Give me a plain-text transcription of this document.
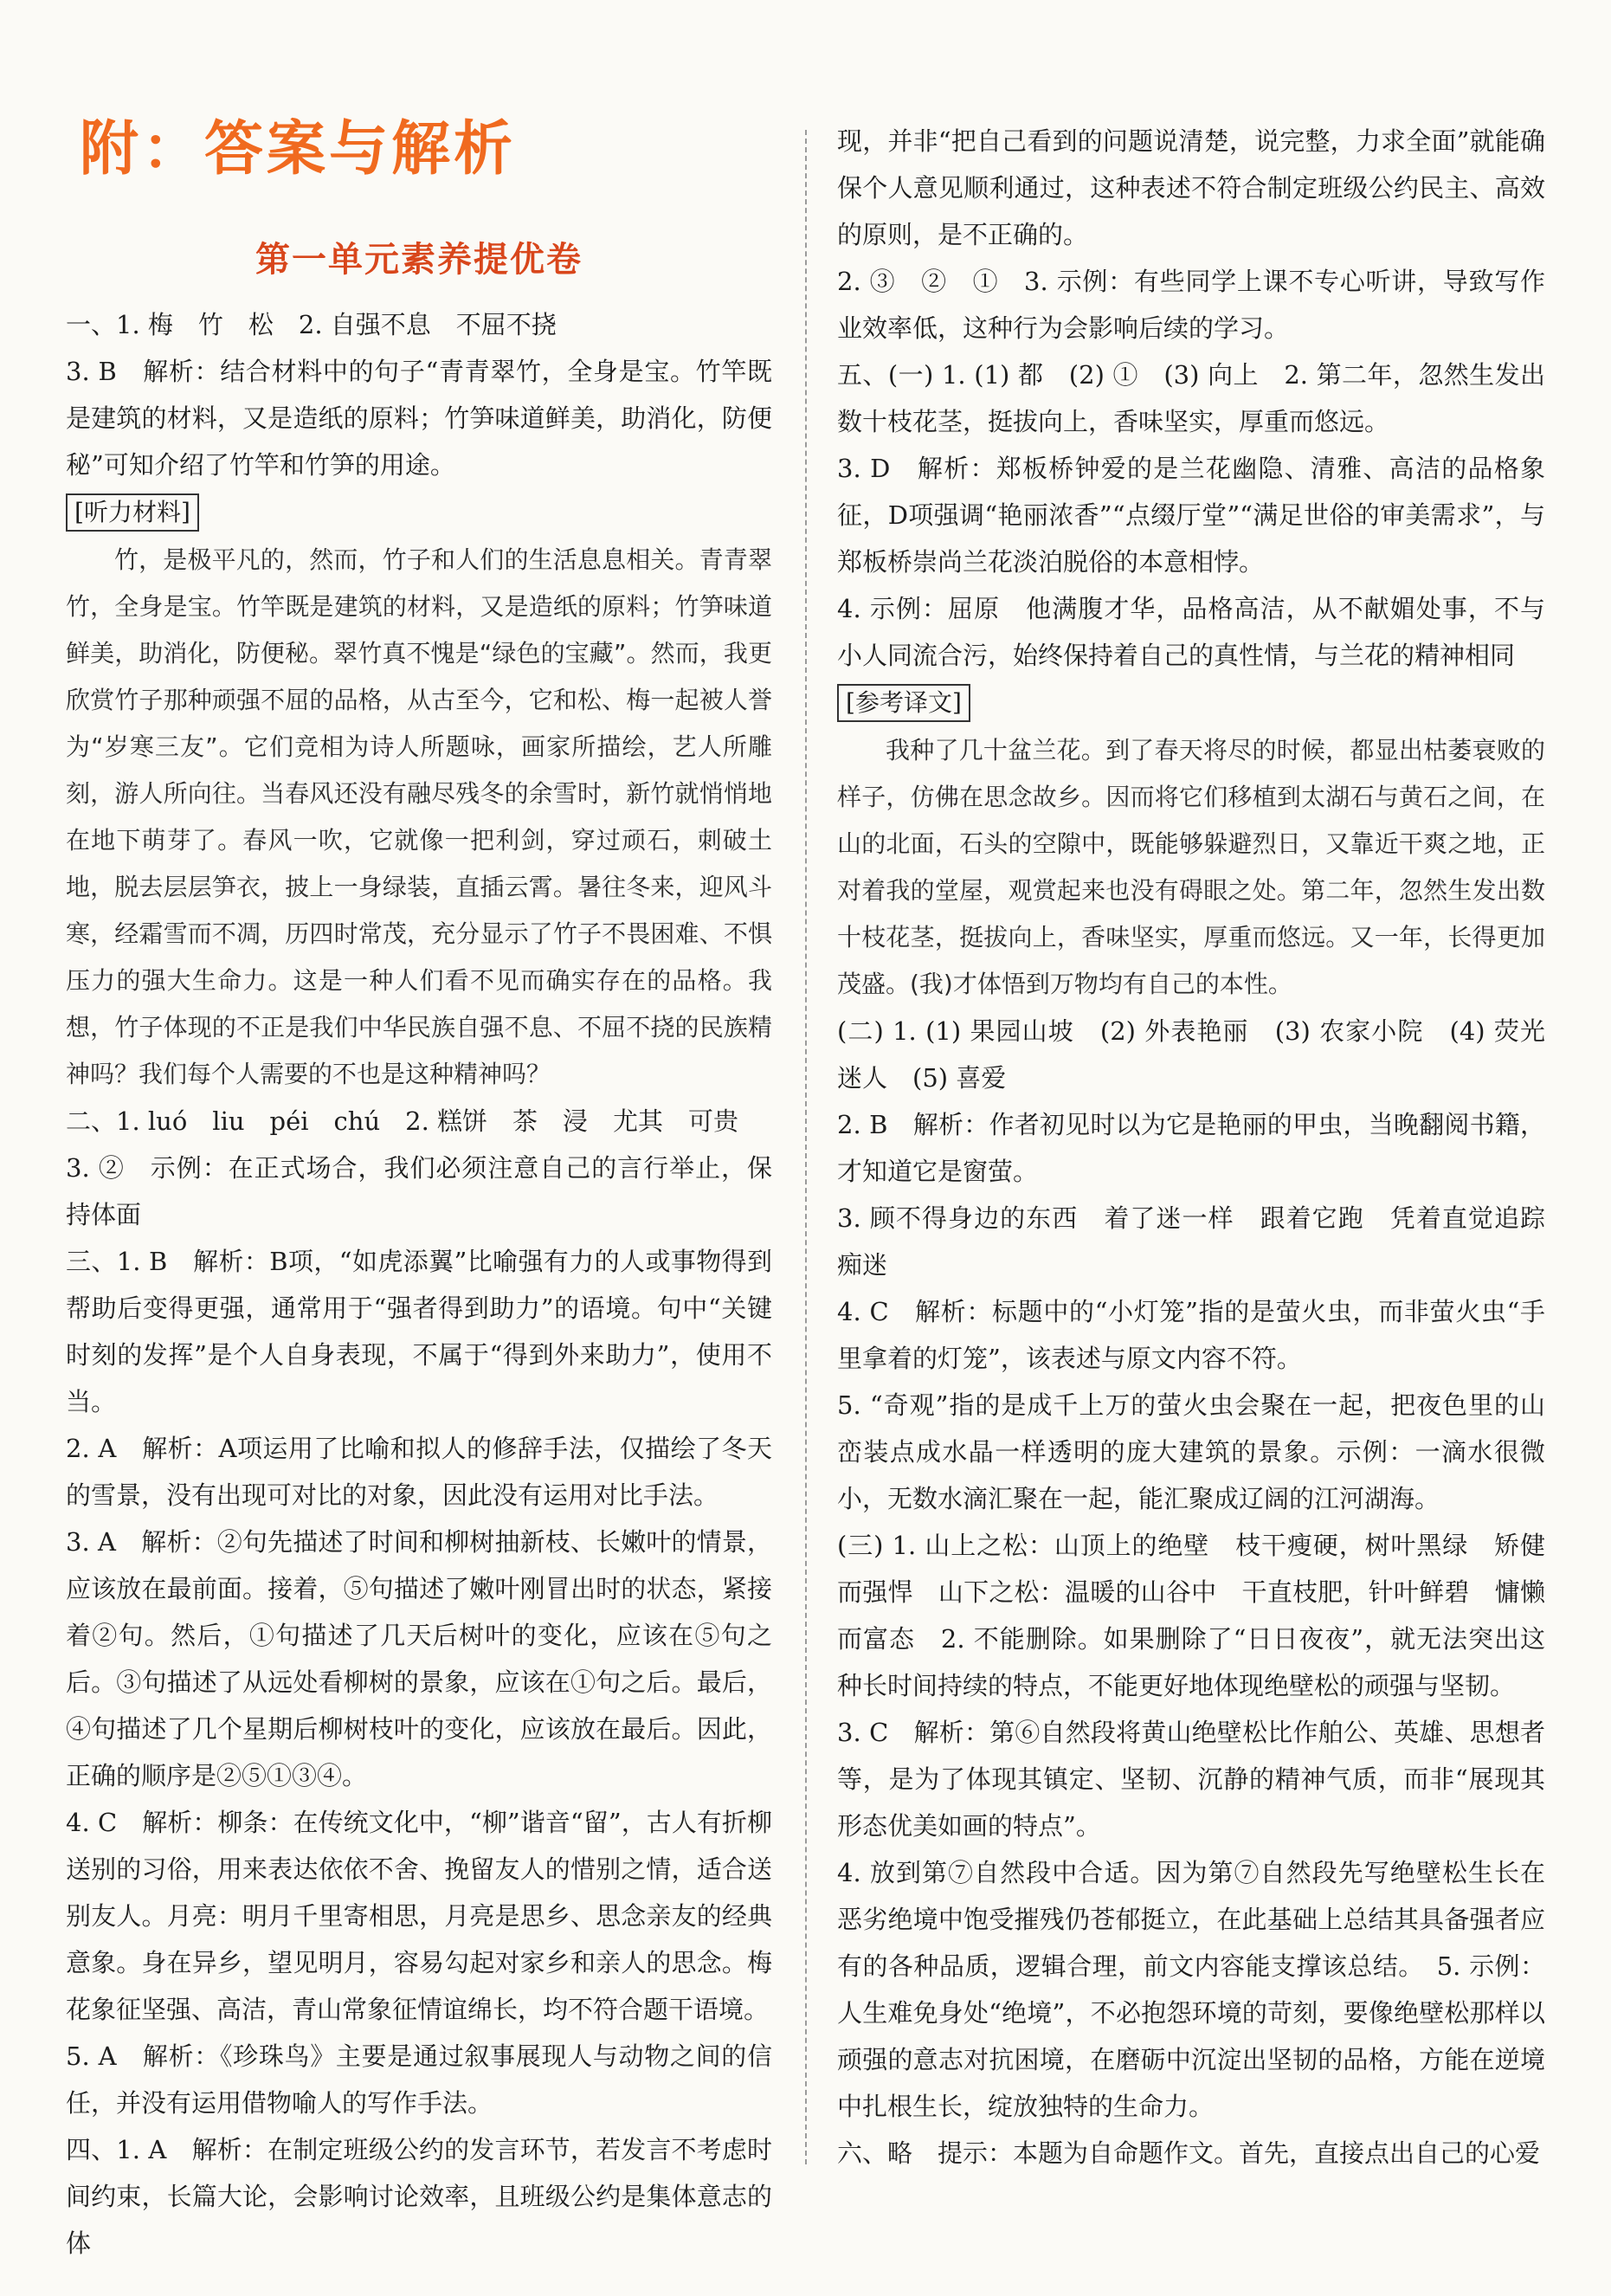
附：答案与解析
第一单元素养提优卷

一、1. 梅　竹　松　2. 自强不息　不屈不挠

3. B　解析：结合材料中的句子“青青翠竹，全身是宝。竹竿既是建筑的材料，又是造纸的原料；竹笋味道鲜美，助消化，防便秘”可知介绍了竹竿和竹笋的用途。

[听力材料]

竹，是极平凡的，然而，竹子和人们的生活息息相关。青青翠竹，全身是宝。竹竿既是建筑的材料，又是造纸的原料；竹笋味道鲜美，助消化，防便秘。翠竹真不愧是“绿色的宝藏”。然而，我更欣赏竹子那种顽强不屈的品格，从古至今，它和松、梅一起被人誉为“岁寒三友”。它们竞相为诗人所题咏，画家所描绘，艺人所雕刻，游人所向往。当春风还没有融尽残冬的余雪时，新竹就悄悄地在地下萌芽了。春风一吹，它就像一把利剑，穿过顽石，刺破土地，脱去层层笋衣，披上一身绿装，直插云霄。暑往冬来，迎风斗寒，经霜雪而不凋，历四时常茂，充分显示了竹子不畏困难、不惧压力的强大生命力。这是一种人们看不见而确实存在的品格。我想，竹子体现的不正是我们中华民族自强不息、不屈不挠的民族精神吗？我们每个人需要的不也是这种精神吗？

二、1. luó　liu　péi　chú　2. 糕饼　茶　浸　尤其　可贵

3. ②　示例：在正式场合，我们必须注意自己的言行举止，保持体面

三、1. B　解析：B项，“如虎添翼”比喻强有力的人或事物得到帮助后变得更强，通常用于“强者得到助力”的语境。句中“关键时刻的发挥”是个人自身表现，不属于“得到外来助力”，使用不当。

2. A　解析：A项运用了比喻和拟人的修辞手法，仅描绘了冬天的雪景，没有出现可对比的对象，因此没有运用对比手法。

3. A　解析：②句先描述了时间和柳树抽新枝、长嫩叶的情景，应该放在最前面。接着，⑤句描述了嫩叶刚冒出时的状态，紧接着②句。然后，①句描述了几天后树叶的变化，应该在⑤句之后。③句描述了从远处看柳树的景象，应该在①句之后。最后，④句描述了几个星期后柳树枝叶的变化，应该放在最后。因此，正确的顺序是②⑤①③④。

4. C　解析：柳条：在传统文化中，“柳”谐音“留”，古人有折柳送别的习俗，用来表达依依不舍、挽留友人的惜别之情，适合送别友人。月亮：明月千里寄相思，月亮是思乡、思念亲友的经典意象。身在异乡，望见明月，容易勾起对家乡和亲人的思念。梅花象征坚强、高洁，青山常象征情谊绵长，均不符合题干语境。

5. A　解析：《珍珠鸟》主要是通过叙事展现人与动物之间的信任，并没有运用借物喻人的写作手法。

四、1. A　解析：在制定班级公约的发言环节，若发言不考虑时间约束，长篇大论，会影响讨论效率，且班级公约是集体意志的体

现，并非“把自己看到的问题说清楚，说完整，力求全面”就能确保个人意见顺利通过，这种表述不符合制定班级公约民主、高效的原则，是不正确的。

2. ③　②　①　3. 示例：有些同学上课不专心听讲，导致写作业效率低，这种行为会影响后续的学习。

五、(一) 1. (1) 都　(2) ①　(3) 向上　2. 第二年，忽然生发出数十枝花茎，挺拔向上，香味坚实，厚重而悠远。

3. D　解析：郑板桥钟爱的是兰花幽隐、清雅、高洁的品格象征，D项强调“艳丽浓香”“点缀厅堂”“满足世俗的审美需求”，与郑板桥崇尚兰花淡泊脱俗的本意相悖。

4. 示例：屈原　他满腹才华，品格高洁，从不献媚处事，不与小人同流合污，始终保持着自己的真性情，与兰花的精神相同

[参考译文]

我种了几十盆兰花。到了春天将尽的时候，都显出枯萎衰败的样子，仿佛在思念故乡。因而将它们移植到太湖石与黄石之间，在山的北面，石头的空隙中，既能够躲避烈日，又靠近干爽之地，正对着我的堂屋，观赏起来也没有碍眼之处。第二年，忽然生发出数十枝花茎，挺拔向上，香味坚实，厚重而悠远。又一年，长得更加茂盛。(我)才体悟到万物均有自己的本性。

(二) 1. (1) 果园山坡　(2) 外表艳丽　(3) 农家小院　(4) 荧光迷人　(5) 喜爱

2. B　解析：作者初见时以为它是艳丽的甲虫，当晚翻阅书籍，才知道它是窗萤。

3. 顾不得身边的东西　着了迷一样　跟着它跑　凭着直觉追踪　痴迷

4. C　解析：标题中的“小灯笼”指的是萤火虫，而非萤火虫“手里拿着的灯笼”，该表述与原文内容不符。

5. “奇观”指的是成千上万的萤火虫会聚在一起，把夜色里的山峦装点成水晶一样透明的庞大建筑的景象。示例：一滴水很微小，无数水滴汇聚在一起，能汇聚成辽阔的江河湖海。

(三) 1. 山上之松：山顶上的绝壁　枝干瘦硬，树叶黑绿　矫健而强悍　山下之松：温暖的山谷中　干直枝肥，针叶鲜碧　慵懒而富态　2. 不能删除。如果删除了“日日夜夜”，就无法突出这种长时间持续的特点，不能更好地体现绝壁松的顽强与坚韧。

3. C　解析：第⑥自然段将黄山绝壁松比作舶公、英雄、思想者等，是为了体现其镇定、坚韧、沉静的精神气质，而非“展现其形态优美如画的特点”。

4. 放到第⑦自然段中合适。因为第⑦自然段先写绝壁松生长在恶劣绝境中饱受摧残仍苍郁挺立，在此基础上总结其具备强者应有的各种品质，逻辑合理，前文内容能支撑该总结。　5. 示例：人生难免身处“绝境”，不必抱怨环境的苛刻，要像绝壁松那样以顽强的意志对抗困境，在磨砺中沉淀出坚韧的品格，方能在逆境中扎根生长，绽放独特的生命力。

六、略　提示：本题为自命题作文。首先，直接点出自己的心爱
